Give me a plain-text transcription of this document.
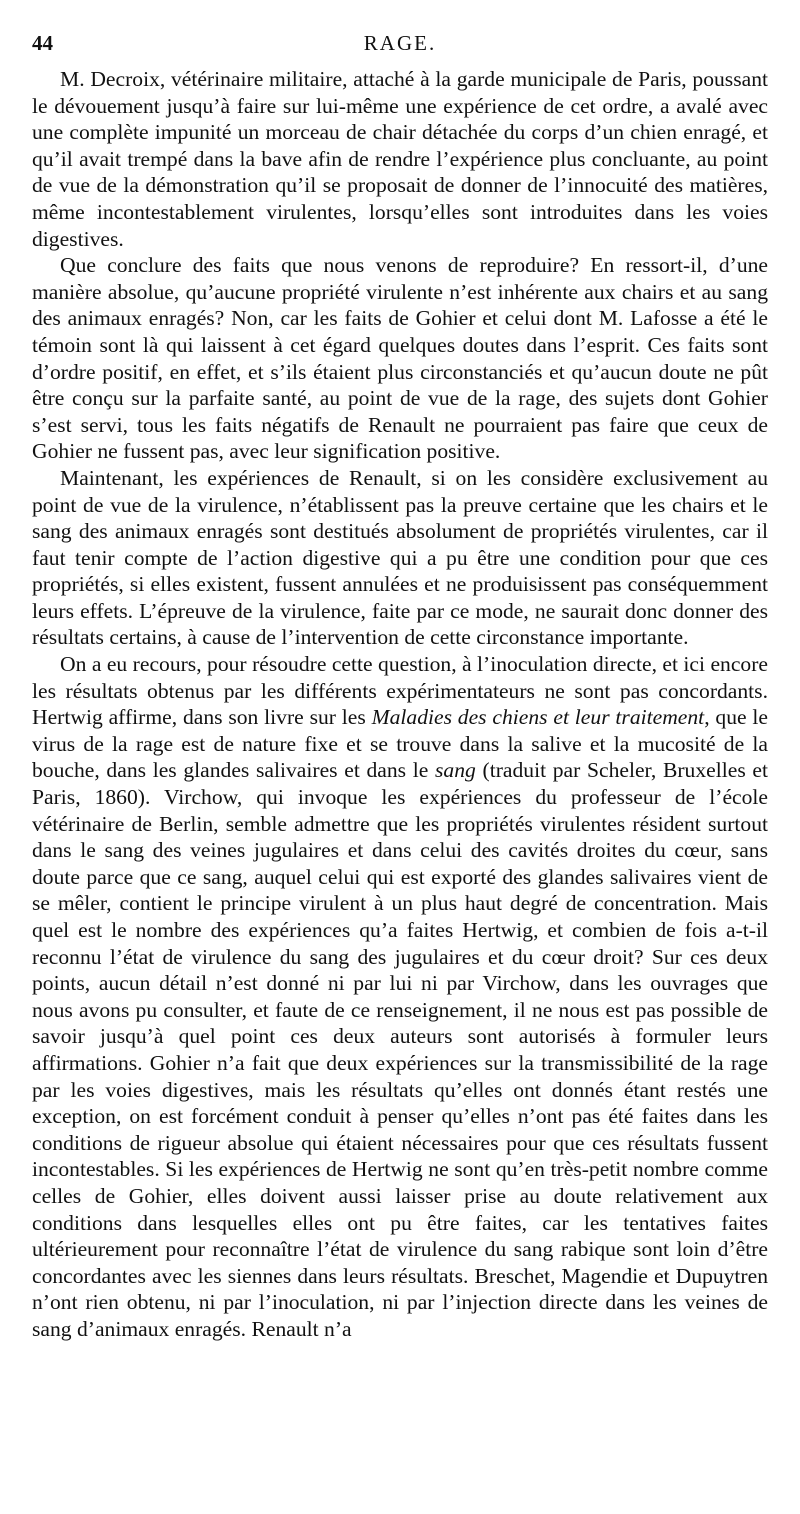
44	RAGE.

M. Decroix, vétérinaire militaire, attaché à la garde municipale de Paris, poussant le dévouement jusqu’à faire sur lui-même une expérience de cet ordre, a avalé avec une complète impunité un morceau de chair détachée du corps d’un chien enragé, et qu’il avait trempé dans la bave afin de rendre l’expérience plus concluante, au point de vue de la démonstration qu’il se proposait de donner de l’innocuité des matières, même incontestablement virulentes, lorsqu’elles sont introduites dans les voies digestives.

Que conclure des faits que nous venons de reproduire? En ressort-il, d’une manière absolue, qu’aucune propriété virulente n’est inhérente aux chairs et au sang des animaux enragés? Non, car les faits de Gohier et celui dont M. Lafosse a été le témoin sont là qui laissent à cet égard quelques doutes dans l’esprit. Ces faits sont d’ordre positif, en effet, et s’ils étaient plus circonstanciés et qu’aucun doute ne pût être conçu sur la parfaite santé, au point de vue de la rage, des sujets dont Gohier s’est servi, tous les faits négatifs de Renault ne pourraient pas faire que ceux de Gohier ne fussent pas, avec leur signification positive.

Maintenant, les expériences de Renault, si on les considère exclusivement au point de vue de la virulence, n’établissent pas la preuve certaine que les chairs et le sang des animaux enragés sont destitués absolument de propriétés virulentes, car il faut tenir compte de l’action digestive qui a pu être une condition pour que ces propriétés, si elles existent, fussent annulées et ne produisissent pas conséquemment leurs effets. L’épreuve de la virulence, faite par ce mode, ne saurait donc donner des résultats certains, à cause de l’intervention de cette circonstance importante.

On a eu recours, pour résoudre cette question, à l’inoculation directe, et ici encore les résultats obtenus par les différents expérimentateurs ne sont pas concordants. Hertwig affirme, dans son livre sur les Maladies des chiens et leur traitement, que le virus de la rage est de nature fixe et se trouve dans la salive et la mucosité de la bouche, dans les glandes salivaires et dans le sang (traduit par Scheler, Bruxelles et Paris, 1860). Virchow, qui invoque les expériences du professeur de l’école vétérinaire de Berlin, semble admettre que les propriétés virulentes résident surtout dans le sang des veines jugulaires et dans celui des cavités droites du cœur, sans doute parce que ce sang, auquel celui qui est exporté des glandes salivaires vient de se mêler, contient le principe virulent à un plus haut degré de concentration. Mais quel est le nombre des expériences qu’a faites Hertwig, et combien de fois a-t-il reconnu l’état de virulence du sang des jugulaires et du cœur droit? Sur ces deux points, aucun détail n’est donné ni par lui ni par Virchow, dans les ouvrages que nous avons pu consulter, et faute de ce renseignement, il ne nous est pas possible de savoir jusqu’à quel point ces deux auteurs sont autorisés à formuler leurs affirmations. Gohier n’a fait que deux expériences sur la transmissibilité de la rage par les voies digestives, mais les résultats qu’elles ont donnés étant restés une exception, on est forcément conduit à penser qu’elles n’ont pas été faites dans les conditions de rigueur absolue qui étaient nécessaires pour que ces résultats fussent incontestables. Si les expériences de Hertwig ne sont qu’en très-petit nombre comme celles de Gohier, elles doivent aussi laisser prise au doute relativement aux conditions dans lesquelles elles ont pu être faites, car les tentatives faites ultérieurement pour reconnaître l’état de virulence du sang rabique sont loin d’être concordantes avec les siennes dans leurs résultats. Breschet, Magendie et Dupuytren n’ont rien obtenu, ni par l’inoculation, ni par l’injection directe dans les veines de sang d’animaux enragés. Renault n’a
